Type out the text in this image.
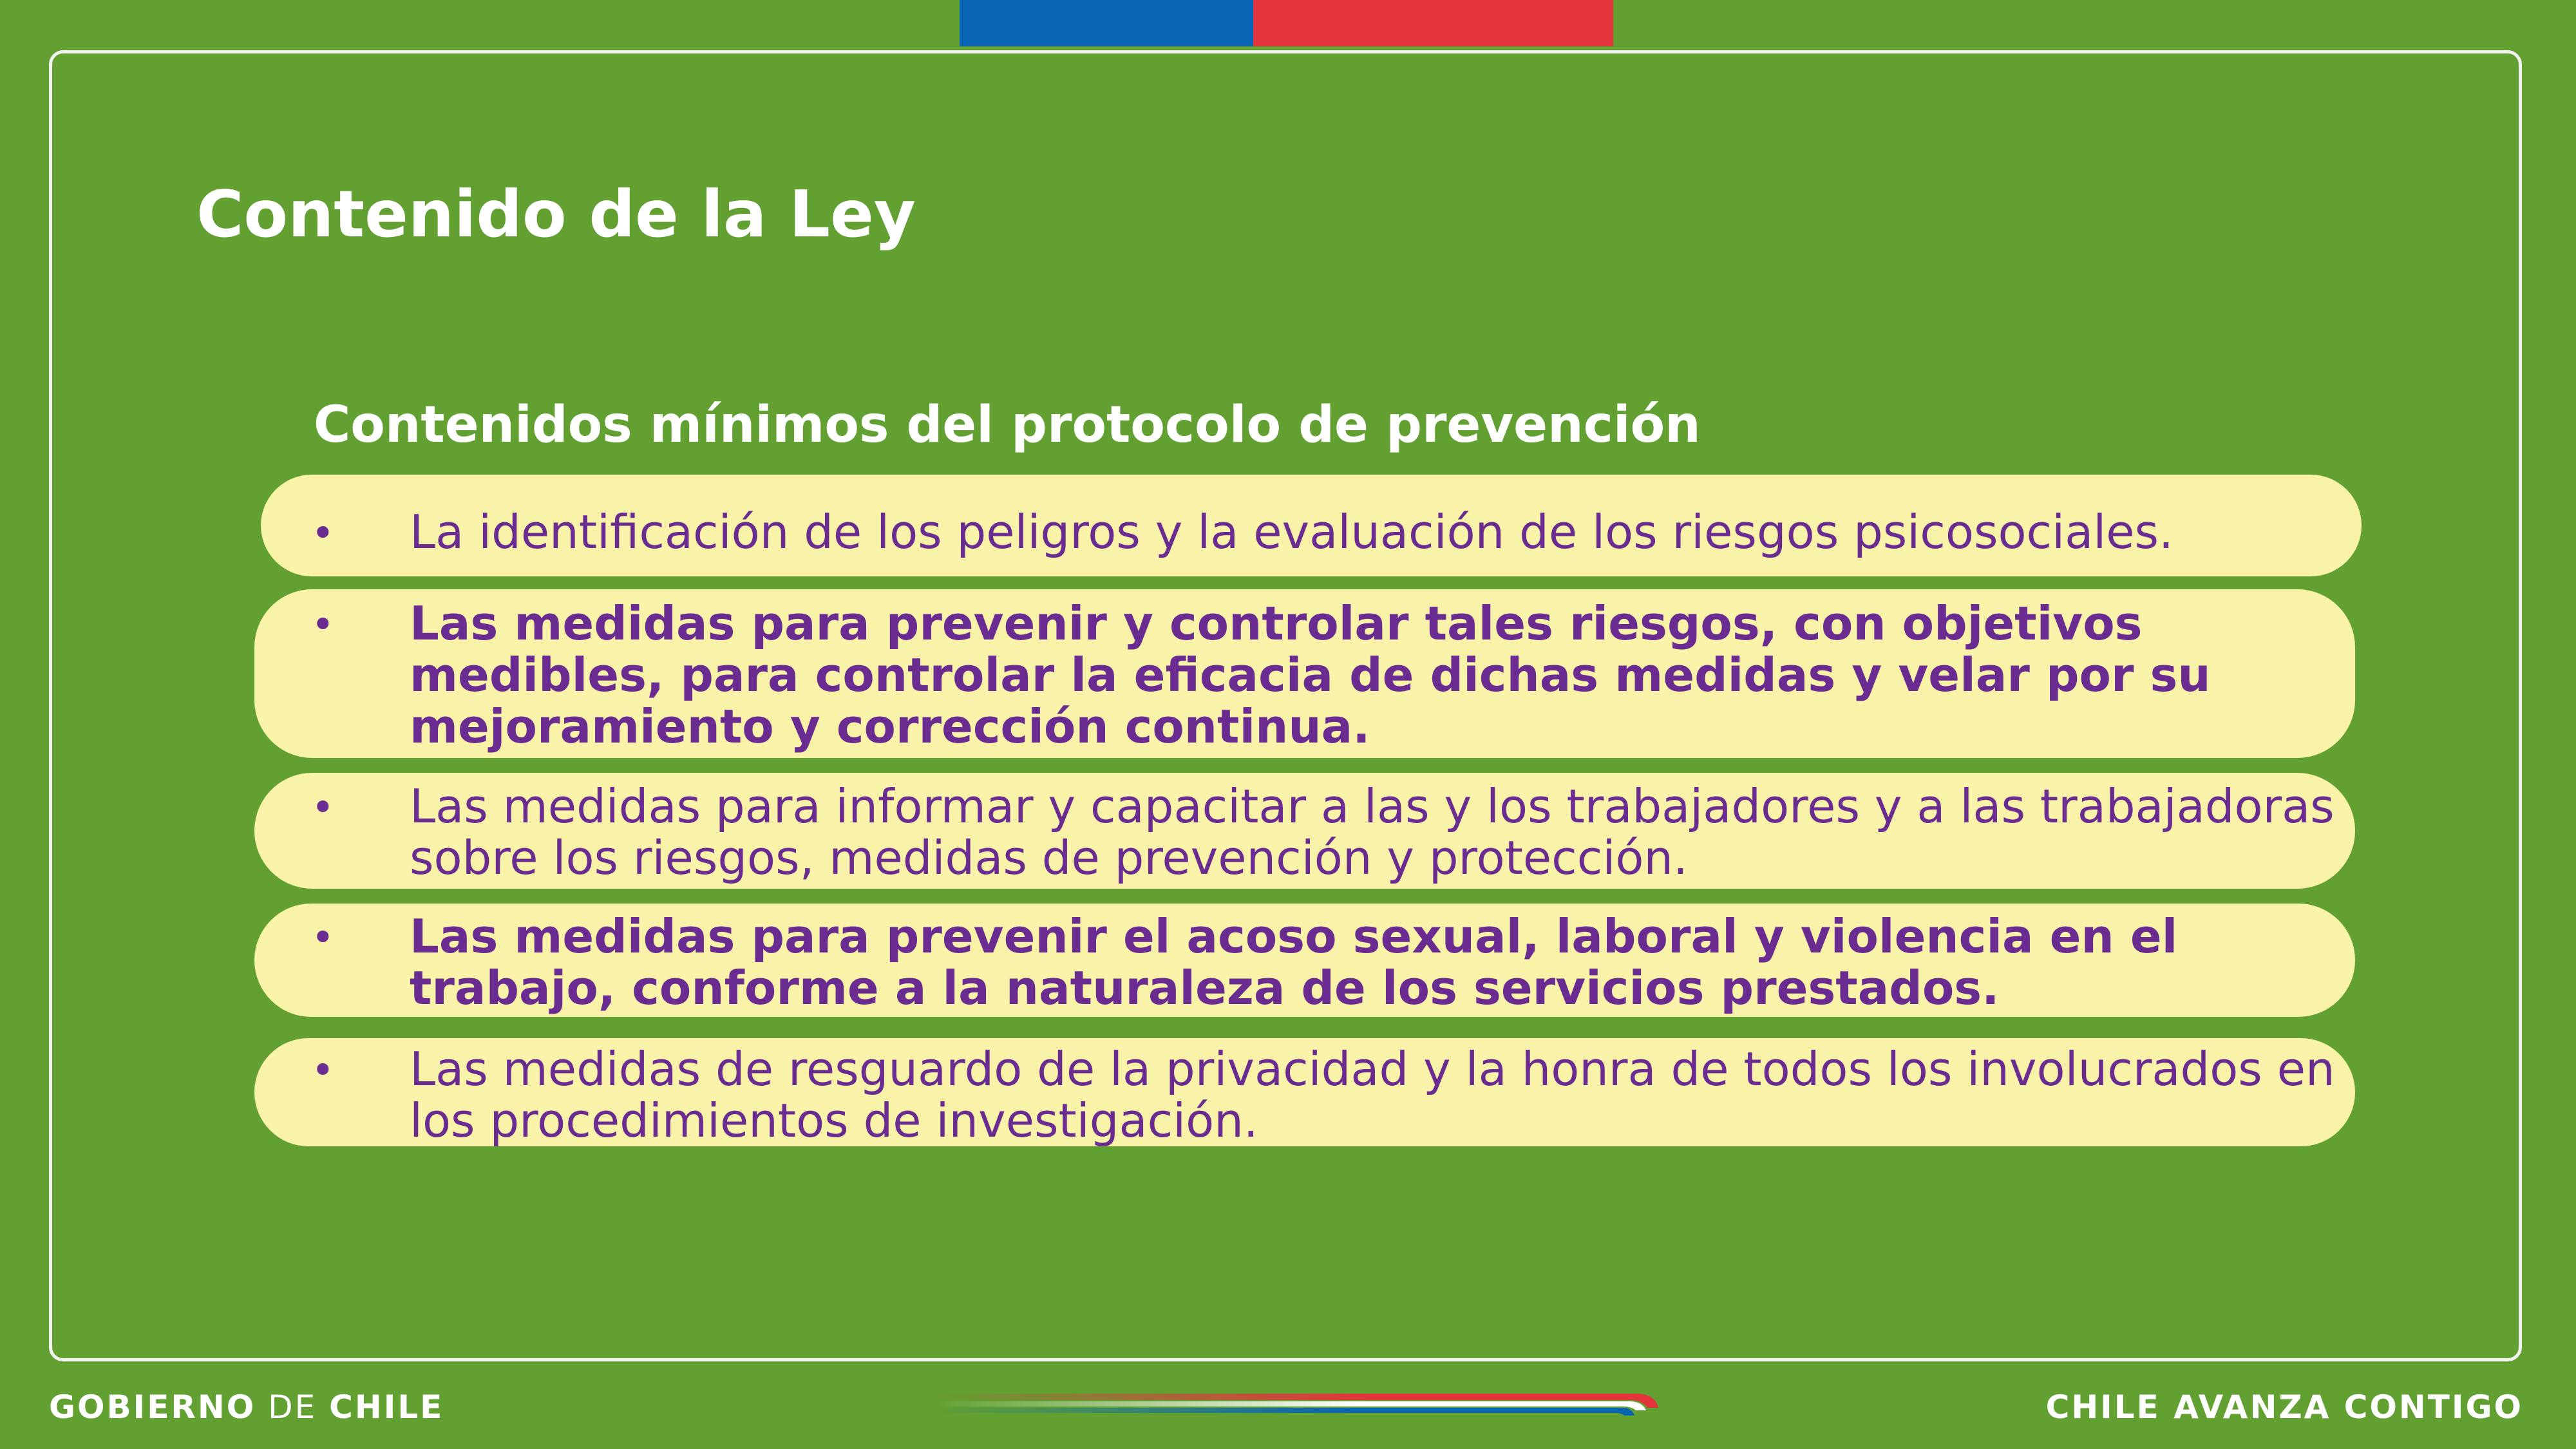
Contenido de la Ley
Contenidos mínimos del protocolo de prevención
• La identificación de los peligros y la evaluación de los riesgos psicosociales.

• Las medidas para prevenir y controlar tales riesgos, con objetivos medibles, para controlar la eficacia de dichas medidas y velar por su mejoramiento y corrección continua.

• Las medidas para informar y capacitar a las y los trabajadores y a las trabajadoras sobre los riesgos, medidas de prevención y protección.

• Las medidas para prevenir el acoso sexual, laboral y violencia en el trabajo, conforme a la naturaleza de los servicios prestados.

• Las medidas de resguardo de la privacidad y la honra de todos los involucrados en los procedimientos de investigación.

GOBIERNO DE CHILE	CHILE AVANZA CONTIGO
